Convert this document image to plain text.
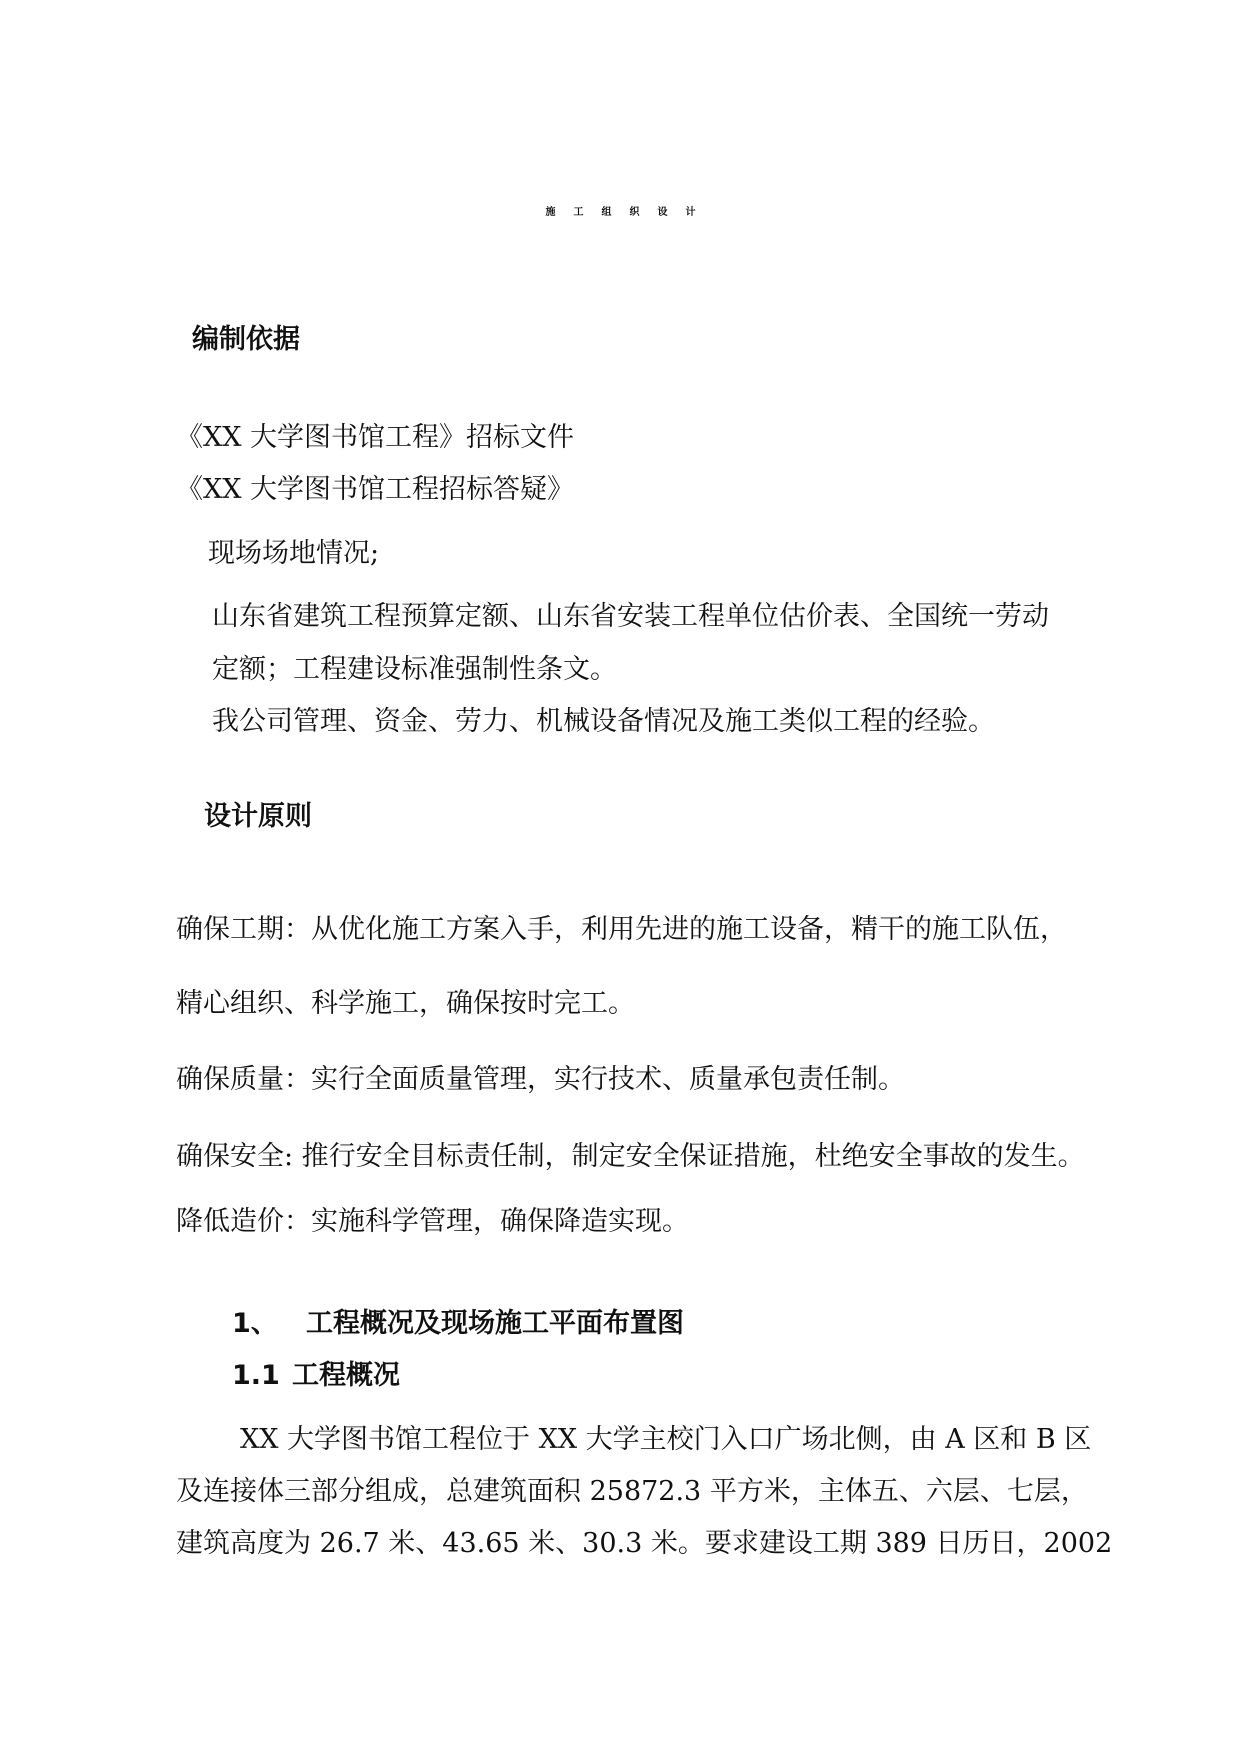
施工组织设计
编制依据
《XX 大学图书馆工程》招标文件
《XX 大学图书馆工程招标答疑》
现场场地情况;
山东省建筑工程预算定额、山东省安装工程单位估价表、全国统一劳动
定额；工程建设标准强制性条文。
我公司管理、资金、劳力、机械设备情况及施工类似工程的经验。
设计原则
确保工期：从优化施工方案入手，利用先进的施工设备，精干的施工队伍，
精心组织、科学施工，确保按时完工。
确保质量：实行全面质量管理，实行技术、质量承包责任制。
确保安全: 推行安全目标责任制，制定安全保证措施，杜绝安全事故的发生。
降低造价：实施科学管理，确保降造实现。
1、 工程概况及现场施工平面布置图
1.1 工程概况
XX 大学图书馆工程位于 XX 大学主校门入口广场北侧，由 A 区和 B 区
及连接体三部分组成，总建筑面积 25872.3 平方米，主体五、六层、七层，
建筑高度为 26.7 米、43.65 米、30.3 米。要求建设工期 389 日历日，2002
